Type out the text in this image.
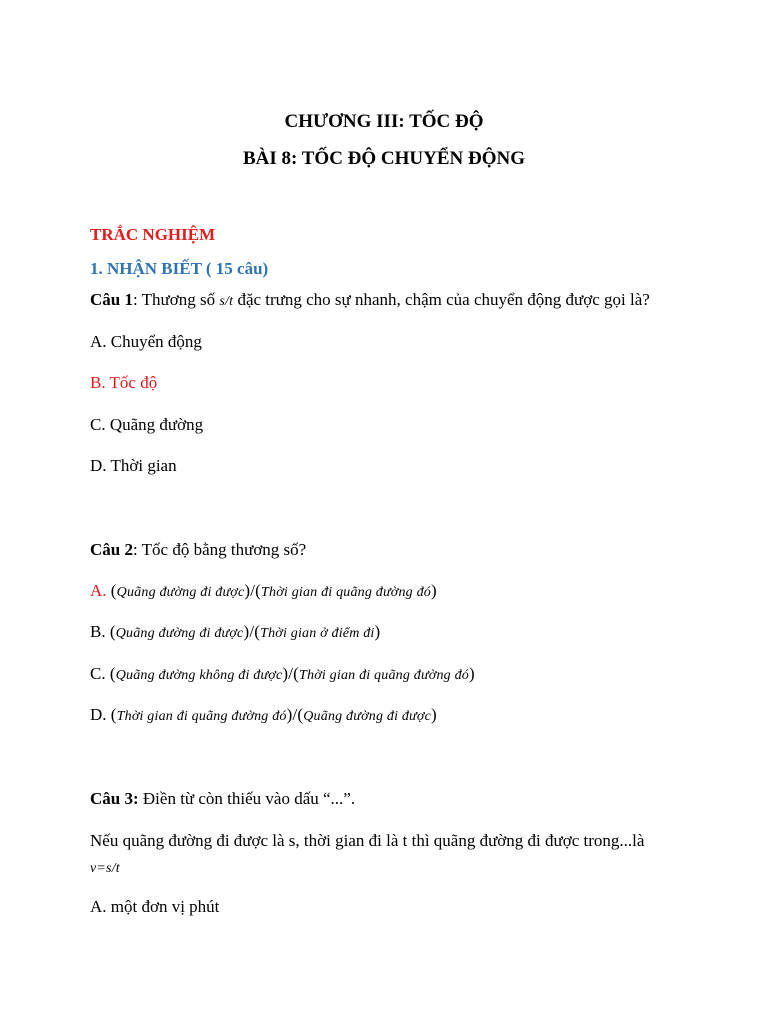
CHƯƠNG III: TỐC ĐỘ
BÀI 8: TỐC ĐỘ CHUYỂN ĐỘNG
TRẮC NGHIỆM
1. NHẬN BIẾT ( 15 câu)
Câu 1: Thương số s/t đặc trưng cho sự nhanh, chậm của chuyển động được gọi là?
A. Chuyển động
B. Tốc độ
C. Quãng đường
D. Thời gian
Câu 2: Tốc độ bằng thương số?
A. (Quãng đường đi được)/(Thời gian đi quãng đường đó)
B. (Quãng đường đi được)/(Thời gian ở điểm đi)
C. (Quãng đường không đi được)/(Thời gian đi quãng đường đó)
D. (Thời gian đi quãng đường đó)/(Quãng đường đi được)
Câu 3: Điền từ còn thiếu vào dấu “...”.
Nếu quãng đường đi được là s, thời gian đi là t thì quãng đường đi được trong...là
v=s/t
A. một đơn vị phút
